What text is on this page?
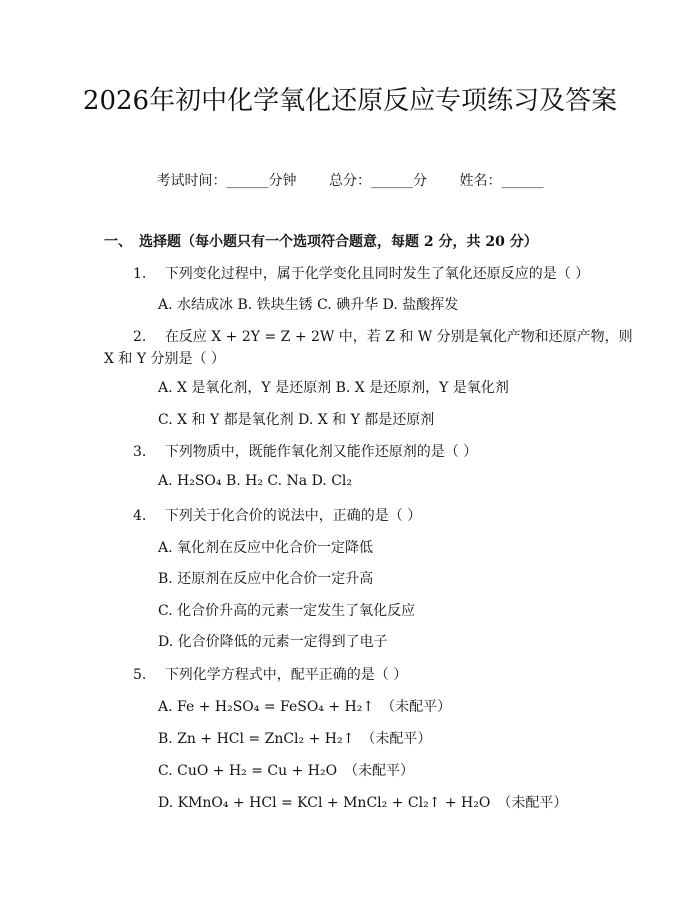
2026年初中化学氧化还原反应专项练习及答案
考试时间：______分钟 总分：______分 姓名：______
一、　选择题（每小题只有一个选项符合题意，每题 2 分，共 20 分）
1. 下列变化过程中，属于化学变化且同时发生了氧化还原反应的是（ ）
A. 水结成冰 B. 铁块生锈 C. 碘升华 D. 盐酸挥发
2. 在反应 X + 2Y = Z + 2W 中，若 Z 和 W 分别是氧化产物和还原产物，则
X 和 Y 分别是（ ）
A. X 是氧化剂，Y 是还原剂 B. X 是还原剂，Y 是氧化剂
C. X 和 Y 都是氧化剂 D. X 和 Y 都是还原剂
3. 下列物质中，既能作氧化剂又能作还原剂的是（ ）
A. H₂SO₄ B. H₂ C. Na D. Cl₂
4. 下列关于化合价的说法中，正确的是（ ）
A. 氧化剂在反应中化合价一定降低
B. 还原剂在反应中化合价一定升高
C. 化合价升高的元素一定发生了氧化反应
D. 化合价降低的元素一定得到了电子
5. 下列化学方程式中，配平正确的是（ ）
A. Fe + H₂SO₄ = FeSO₄ + H₂↑　（未配平）
B. Zn + HCl = ZnCl₂ + H₂↑　（未配平）
C. CuO + H₂ = Cu + H₂O　（未配平）
D. KMnO₄ + HCl = KCl + MnCl₂ + Cl₂↑ + H₂O　（未配平）
